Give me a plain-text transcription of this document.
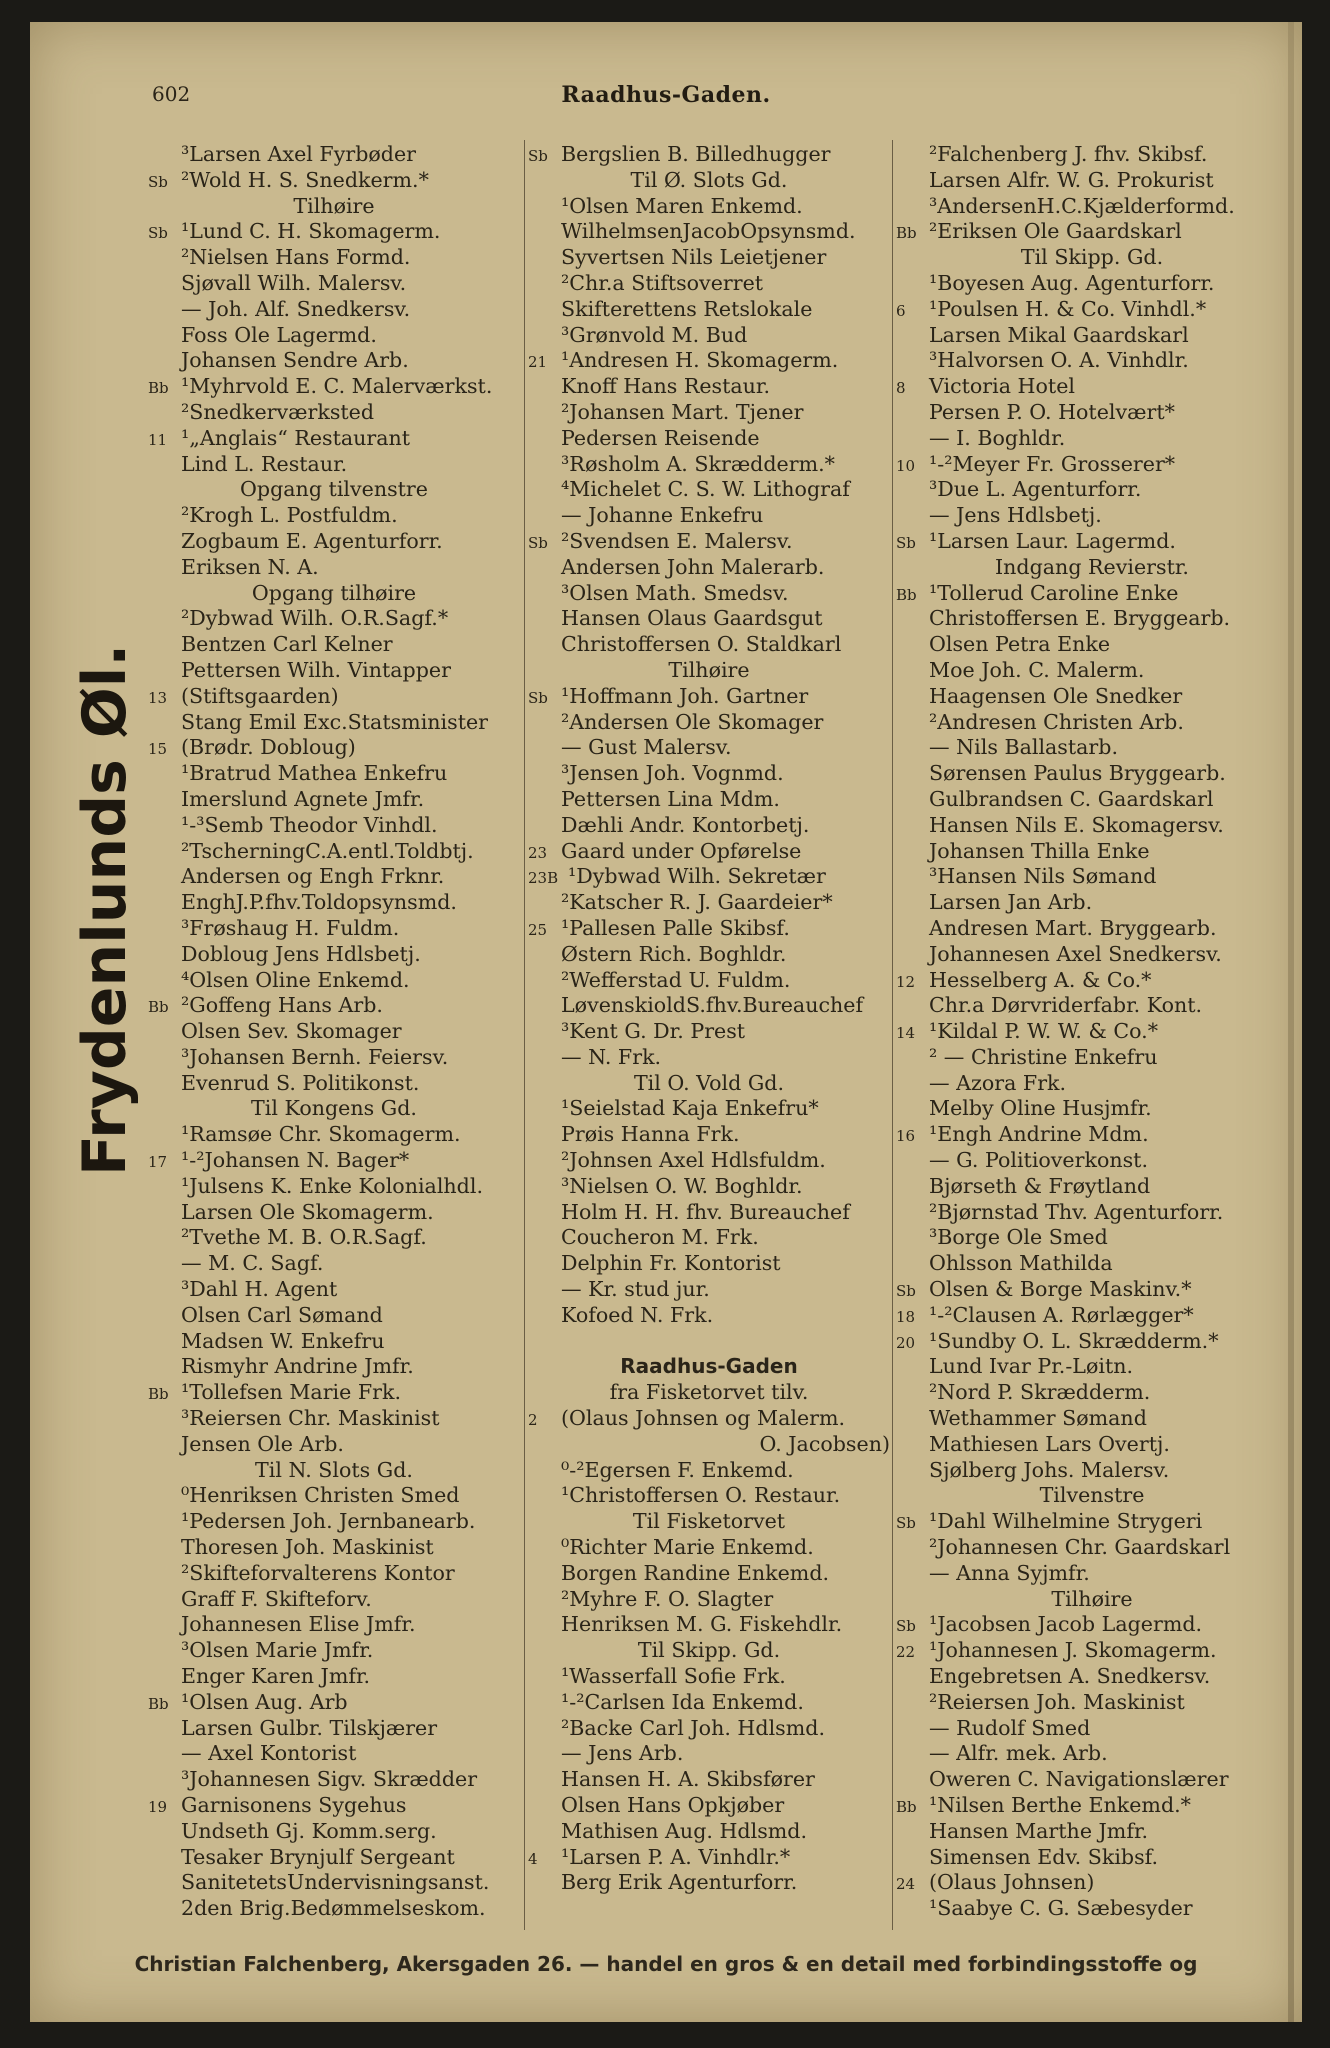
602	Raadhus-Gaden.
Frydenlunds Øl.
³Larsen Axel Fyrbøder
Sb ²Wold H. S. Snedkerm.*
Tilhøire
Sb ¹Lund C. H. Skomagerm.
²Nielsen Hans Formd.
Sjøvall Wilh. Malersv.
— Joh. Alf. Snedkersv.
Foss Ole Lagermd.
Johansen Sendre Arb.
Bb ¹Myhrvold E. C. Malerværkst.
²Snedkerværksted
11 ¹„Anglais“ Restaurant
Lind L. Restaur.
Opgang tilvenstre
²Krogh L. Postfuldm.
Zogbaum E. Agenturforr.
Eriksen N. A.
Opgang tilhøire
²Dybwad Wilh. O.R.Sagf.*
Bentzen Carl Kelner
Pettersen Wilh. Vintapper
13 (Stiftsgaarden)
Stang Emil Exc.Statsminister
15 (Brødr. Dobloug)
¹Bratrud Mathea Enkefru
Imerslund Agnete Jmfr.
¹-³Semb Theodor Vinhdl.
²TscherningC.A.entl.Toldbtj.
Andersen og Engh Frknr.
EnghJ.P.fhv.Toldopsynsmd.
³Frøshaug H. Fuldm.
Dobloug Jens Hdlsbetj.
⁴Olsen Oline Enkemd.
Bb ²Goffeng Hans Arb.
Olsen Sev. Skomager
³Johansen Bernh. Feiersv.
Evenrud S. Politikonst.
Til Kongens Gd.
¹Ramsøe Chr. Skomagerm.
17 ¹-²Johansen N. Bager*
¹Julsens K. Enke Kolonialhdl.
Larsen Ole Skomagerm.
²Tvethe M. B. O.R.Sagf.
— M. C. Sagf.
³Dahl H. Agent
Olsen Carl Sømand
Madsen W. Enkefru
Rismyhr Andrine Jmfr.
Bb ¹Tollefsen Marie Frk.
³Reiersen Chr. Maskinist
Jensen Ole Arb.
Til N. Slots Gd.
⁰Henriksen Christen Smed
¹Pedersen Joh. Jernbanearb.
Thoresen Joh. Maskinist
²Skifteforvalterens Kontor
Graff F. Skifteforv.
Johannesen Elise Jmfr.
³Olsen Marie Jmfr.
Enger Karen Jmfr.
Bb ¹Olsen Aug. Arb
Larsen Gulbr. Tilskjærer
— Axel Kontorist
³Johannesen Sigv. Skrædder
19 Garnisonens Sygehus
Undseth Gj. Komm.serg.
Tesaker Brynjulf Sergeant
SanitetetsUndervisningsanst.
2den Brig.Bedømmelseskom.
Sb Bergslien B. Billedhugger
Til Ø. Slots Gd.
¹Olsen Maren Enkemd.
WilhelmsenJacobOpsynsmd.
Syvertsen Nils Leietjener
²Chr.a Stiftsoverret
Skifterettens Retslokale
³Grønvold M. Bud
21 ¹Andresen H. Skomagerm.
Knoff Hans Restaur.
²Johansen Mart. Tjener
Pedersen Reisende
³Røsholm A. Skrædderm.*
⁴Michelet C. S. W. Lithograf
— Johanne Enkefru
Sb ²Svendsen E. Malersv.
Andersen John Malerarb.
³Olsen Math. Smedsv.
Hansen Olaus Gaardsgut
Christoffersen O. Staldkarl
Tilhøire
Sb ¹Hoffmann Joh. Gartner
²Andersen Ole Skomager
— Gust Malersv.
³Jensen Joh. Vognmd.
Pettersen Lina Mdm.
Dæhli Andr. Kontorbetj.
23 Gaard under Opførelse
23B ¹Dybwad Wilh. Sekretær
²Katscher R. J. Gaardeier*
25 ¹Pallesen Palle Skibsf.
Østern Rich. Boghldr.
²Wefferstad U. Fuldm.
LøvenskioldS.fhv.Bureauchef
³Kent G. Dr. Prest
— N. Frk.
Til O. Vold Gd.
¹Seielstad Kaja Enkefru*
Prøis Hanna Frk.
²Johnsen Axel Hdlsfuldm.
³Nielsen O. W. Boghldr.
Holm H. H. fhv. Bureauchef
Coucheron M. Frk.
Delphin Fr. Kontorist
— Kr. stud jur.
Kofoed N. Frk.
Raadhus-Gaden
fra Fisketorvet tilv.
2 (Olaus Johnsen og Malerm.
O. Jacobsen)
⁰-²Egersen F. Enkemd.
¹Christoffersen O. Restaur.
Til Fisketorvet
⁰Richter Marie Enkemd.
Borgen Randine Enkemd.
²Myhre F. O. Slagter
Henriksen M. G. Fiskehdlr.
Til Skipp. Gd.
¹Wasserfall Sofie Frk.
¹-²Carlsen Ida Enkemd.
²Backe Carl Joh. Hdlsmd.
— Jens Arb.
Hansen H. A. Skibsfører
Olsen Hans Opkjøber
Mathisen Aug. Hdlsmd.
4 ¹Larsen P. A. Vinhdlr.*
Berg Erik Agenturforr.
²Falchenberg J. fhv. Skibsf.
Larsen Alfr. W. G. Prokurist
³AndersenH.C.Kjælderformd.
Bb ²Eriksen Ole Gaardskarl
Til Skipp. Gd.
¹Boyesen Aug. Agenturforr.
6 ¹Poulsen H. & Co. Vinhdl.*
Larsen Mikal Gaardskarl
³Halvorsen O. A. Vinhdlr.
8 Victoria Hotel
Persen P. O. Hotelvært*
— I. Boghldr.
10 ¹-²Meyer Fr. Grosserer*
³Due L. Agenturforr.
— Jens Hdlsbetj.
Sb ¹Larsen Laur. Lagermd.
Indgang Revierstr.
Bb ¹Tollerud Caroline Enke
Christoffersen E. Bryggearb.
Olsen Petra Enke
Moe Joh. C. Malerm.
Haagensen Ole Snedker
²Andresen Christen Arb.
— Nils Ballastarb.
Sørensen Paulus Bryggearb.
Gulbrandsen C. Gaardskarl
Hansen Nils E. Skomagersv.
Johansen Thilla Enke
³Hansen Nils Sømand
Larsen Jan Arb.
Andresen Mart. Bryggearb.
Johannesen Axel Snedkersv.
12 Hesselberg A. & Co.*
Chr.a Dørvriderfabr. Kont.
14 ¹Kildal P. W. W. & Co.*
² — Christine Enkefru
— Azora Frk.
Melby Oline Husjmfr.
16 ¹Engh Andrine Mdm.
— G. Politioverkonst.
Bjørseth & Frøytland
²Bjørnstad Thv. Agenturforr.
³Borge Ole Smed
Ohlsson Mathilda
Sb Olsen & Borge Maskinv.*
18 ¹-²Clausen A. Rørlægger*
20 ¹Sundby O. L. Skrædderm.*
Lund Ivar Pr.-Løitn.
²Nord P. Skrædderm.
Wethammer Sømand
Mathiesen Lars Overtj.
Sjølberg Johs. Malersv.
Tilvenstre
Sb ¹Dahl Wilhelmine Strygeri
²Johannesen Chr. Gaardskarl
— Anna Syjmfr.
Tilhøire
Sb ¹Jacobsen Jacob Lagermd.
22 ¹Johannesen J. Skomagerm.
Engebretsen A. Snedkersv.
²Reiersen Joh. Maskinist
— Rudolf Smed
— Alfr. mek. Arb.
Oweren C. Navigationslærer
Bb ¹Nilsen Berthe Enkemd.*
Hansen Marthe Jmfr.
Simensen Edv. Skibsf.
24 (Olaus Johnsen)
¹Saabye C. G. Sæbesyder
Christian Falchenberg, Akersgaden 26. — handel en gros & en detail med forbindingsstoffe og
